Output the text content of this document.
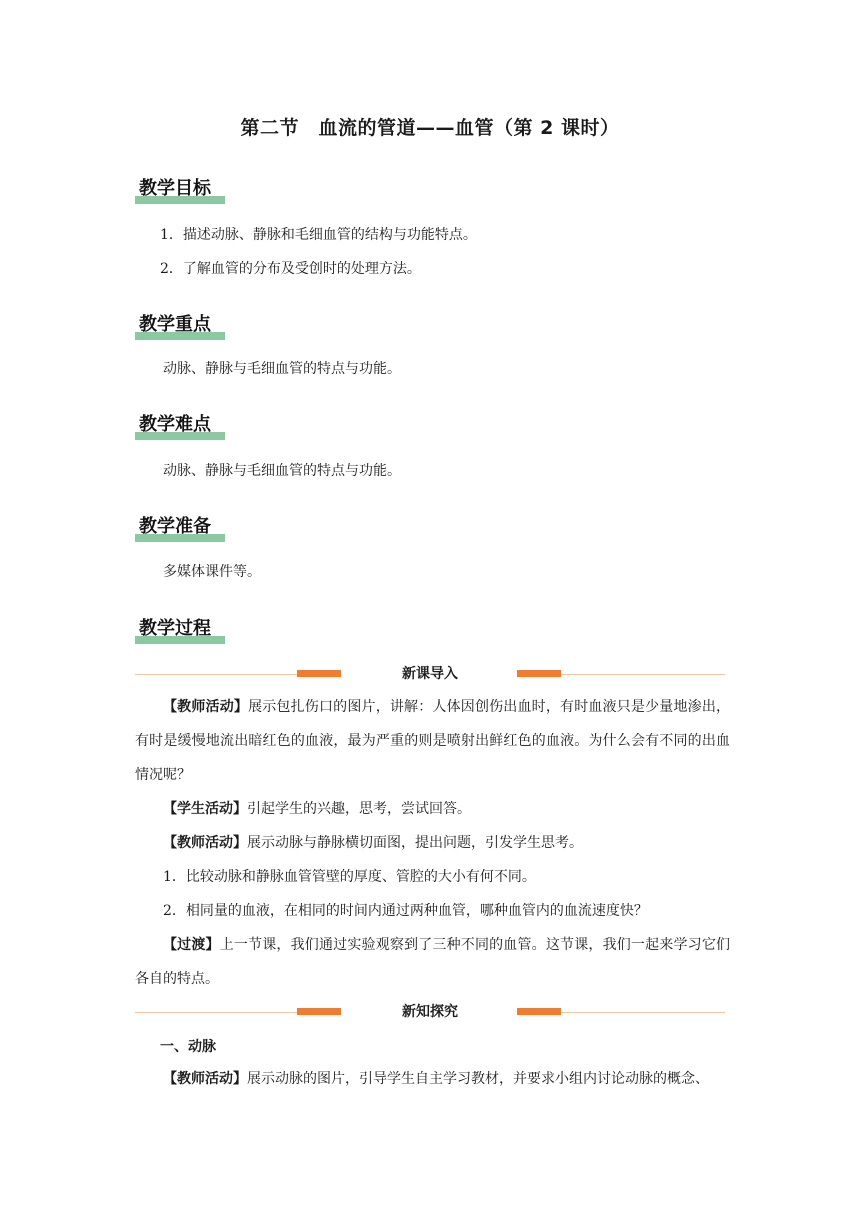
第二节　血流的管道——血管（第 2 课时）
教学目标
1．描述动脉、静脉和毛细血管的结构与功能特点。
2．了解血管的分布及受创时的处理方法。
教学重点
动脉、静脉与毛细血管的特点与功能。
教学难点
动脉、静脉与毛细血管的特点与功能。
教学准备
多媒体课件等。
教学过程
新课导入
【教师活动】展示包扎伤口的图片，讲解：人体因创伤出血时，有时血液只是少量地渗出，有时是缓慢地流出暗红色的血液，最为严重的则是喷射出鲜红色的血液。为什么会有不同的出血情况呢？
【学生活动】引起学生的兴趣，思考，尝试回答。
【教师活动】展示动脉与静脉横切面图，提出问题，引发学生思考。
1．比较动脉和静脉血管管壁的厚度、管腔的大小有何不同。
2．相同量的血液，在相同的时间内通过两种血管，哪种血管内的血流速度快？
【过渡】上一节课，我们通过实验观察到了三种不同的血管。这节课，我们一起来学习它们各自的特点。
新知探究
一、动脉
【教师活动】展示动脉的图片，引导学生自主学习教材，并要求小组内讨论动脉的概念、
